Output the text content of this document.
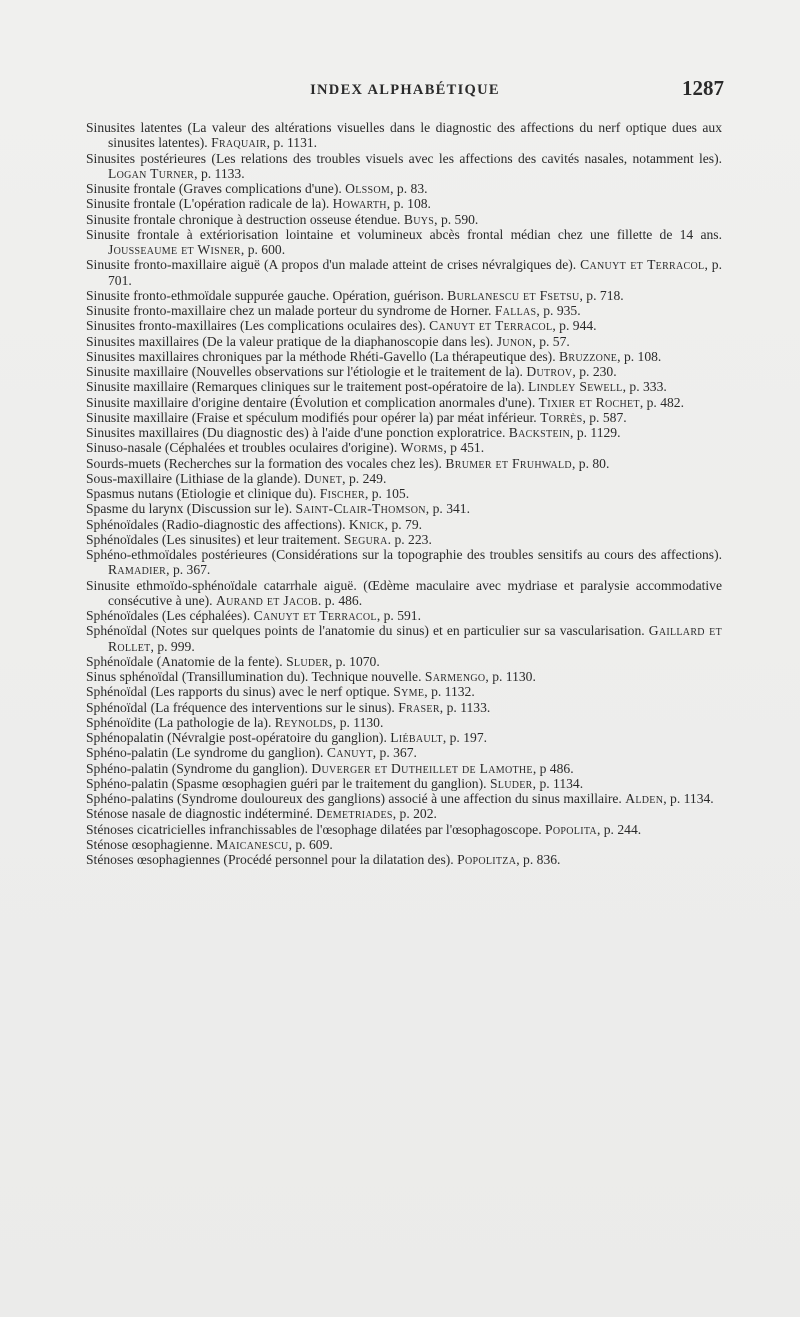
INDEX ALPHABÉTIQUE	1287

Sinusites latentes (La valeur des altérations visuelles dans le diagnostic des affections du nerf optique dues aux sinusites latentes). Fraquair, p. 1131.

Sinusites postérieures (Les relations des troubles visuels avec les affections des cavités nasales, notamment les). Logan Turner, p. 1133.

Sinusite frontale (Graves complications d'une). Olssom, p. 83.

Sinusite frontale (L'opération radicale de la). Howarth, p. 108.

Sinusite frontale chronique à destruction osseuse étendue. Buys, p. 590.

Sinusite frontale à extériorisation lointaine et volumineux abcès frontal médian chez une fillette de 14 ans. Jousseaume et Wisner, p. 600.

Sinusite fronto-maxillaire aiguë (A propos d'un malade atteint de crises névralgiques de). Canuyt et Terracol, p. 701.

Sinusite fronto-ethmoïdale suppurée gauche. Opération, guérison. Burlanescu et Fsetsu, p. 718.

Sinusite fronto-maxillaire chez un malade porteur du syndrome de Horner. Fallas, p. 935.

Sinusites fronto-maxillaires (Les complications oculaires des). Canuyt et Terracol, p. 944.

Sinusites maxillaires (De la valeur pratique de la diaphanoscopie dans les). Junon, p. 57.

Sinusites maxillaires chroniques par la méthode Rhéti-Gavello (La thérapeutique des). Bruzzone, p. 108.

Sinusite maxillaire (Nouvelles observations sur l'étiologie et le traitement de la). Dutrov, p. 230.

Sinusite maxillaire (Remarques cliniques sur le traitement post-opératoire de la). Lindley Sewell, p. 333.

Sinusite maxillaire d'origine dentaire (Évolution et complication anormales d'une). Tixier et Rochet, p. 482.

Sinusite maxillaire (Fraise et spéculum modifiés pour opérer la) par méat inférieur. Torrès, p. 587.

Sinusites maxillaires (Du diagnostic des) à l'aide d'une ponction exploratrice. Backstein, p. 1129.

Sinuso-nasale (Céphalées et troubles oculaires d'origine). Worms, p 451.

Sourds-muets (Recherches sur la formation des vocales chez les). Brumer et Fruhwald, p. 80.

Sous-maxillaire (Lithiase de la glande). Dunet, p. 249.

Spasmus nutans (Etiologie et clinique du). Fischer, p. 105.

Spasme du larynx (Discussion sur le). Saint-Clair-Thomson, p. 341.

Sphénoïdales (Radio-diagnostic des affections). Knick, p. 79.

Sphénoïdales (Les sinusites) et leur traitement. Segura. p. 223.

Sphéno-ethmoïdales postérieures (Considérations sur la topographie des troubles sensitifs au cours des affections). Ramadier, p. 367.

Sinusite ethmoïdo-sphénoïdale catarrhale aiguë. (Œdème maculaire avec mydriase et paralysie accommodative consécutive à une). Aurand et Jacob. p. 486.

Sphénoïdales (Les céphalées). Canuyt et Terracol, p. 591.

Sphénoïdal (Notes sur quelques points de l'anatomie du sinus) et en particulier sur sa vascularisation. Gaillard et Rollet, p. 999.

Sphénoïdale (Anatomie de la fente). Sluder, p. 1070.

Sinus sphénoïdal (Transillumination du). Technique nouvelle. Sarmengo, p. 1130.

Sphénoïdal (Les rapports du sinus) avec le nerf optique. Syme, p. 1132.

Sphénoïdal (La fréquence des interventions sur le sinus). Fraser, p. 1133.

Sphénoïdite (La pathologie de la). Reynolds, p. 1130.

Sphénopalatin (Névralgie post-opératoire du ganglion). Liébault, p. 197.

Sphéno-palatin (Le syndrome du ganglion). Canuyt, p. 367.

Sphéno-palatin (Syndrome du ganglion). Duverger et Dutheillet de Lamothe, p 486.

Sphéno-palatin (Spasme œsophagien guéri par le traitement du ganglion). Sluder, p. 1134.

Sphéno-palatins (Syndrome douloureux des ganglions) associé à une affection du sinus maxillaire. Alden, p. 1134.

Sténose nasale de diagnostic indéterminé. Demetriades, p. 202.

Sténoses cicatricielles infranchissables de l'œsophage dilatées par l'œsophagoscope. Popolita, p. 244.

Sténose œsophagienne. Maicanescu, p. 609.

Sténoses œsophagiennes (Procédé personnel pour la dilatation des). Popolitza, p. 836.
